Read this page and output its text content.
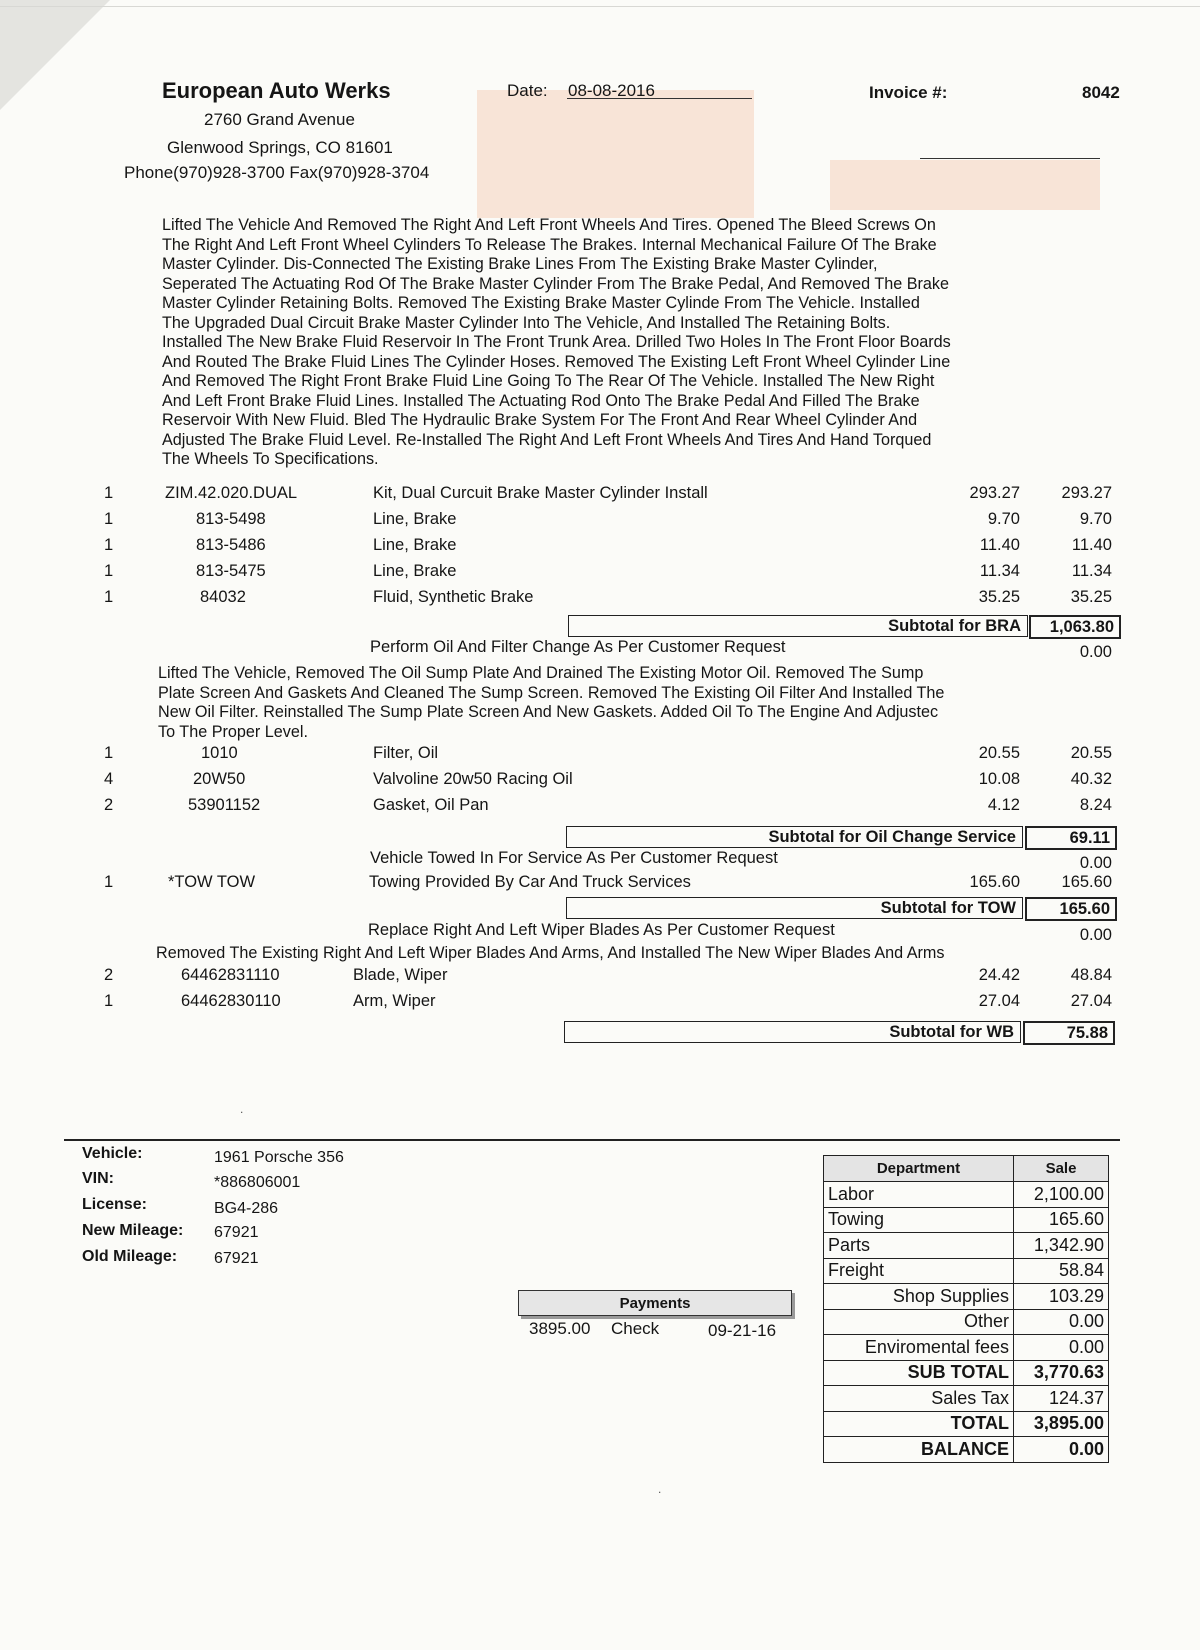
European Auto Werks
2760 Grand Avenue
Glenwood Springs, CO 81601
Phone(970)928-3700 Fax(970)928-3704
Date: 08-08-2016	Invoice #:	8042
Lifted The Vehicle And Removed The Right And Left Front Wheels And Tires. Opened The Bleed Screws On
The Right And Left Front Wheel Cylinders To Release The Brakes. Internal Mechanical Failure Of The Brake
Master Cylinder. Dis-Connected The Existing Brake Lines From The Existing Brake Master Cylinder,
Seperated The Actuating Rod Of The Brake Master Cylinder From The Brake Pedal, And Removed The Brake
Master Cylinder Retaining Bolts. Removed The Existing Brake Master Cylinde From The Vehicle. Installed
The Upgraded Dual Circuit Brake Master Cylinder Into The Vehicle, And Installed The Retaining Bolts.
Installed The New Brake Fluid Reservoir In The Front Trunk Area. Drilled Two Holes In The Front Floor Boards
And Routed The Brake Fluid Lines The Cylinder Hoses. Removed The Existing Left Front Wheel Cylinder Line
And Removed The Right Front Brake Fluid Line Going To The Rear Of The Vehicle. Installed The New Right
And Left Front Brake Fluid Lines. Installed The Actuating Rod Onto The Brake Pedal And Filled The Brake
Reservoir With New Fluid. Bled The Hydraulic Brake System For The Front And Rear Wheel Cylinder And
Adjusted The Brake Fluid Level. Re-Installed The Right And Left Front Wheels And Tires And Hand Torqued
The Wheels To Specifications.
1	ZIM.42.020.DUAL	Kit, Dual Curcuit Brake Master Cylinder Install	293.27	293.27
1	813-5498	Line, Brake	9.70	9.70
1	813-5486	Line, Brake	11.40	11.40
1	813-5475	Line, Brake	11.34	11.34
1	84032	Fluid, Synthetic Brake	35.25	35.25
Subtotal for BRA	1,063.80
Perform Oil And Filter Change As Per Customer Request	0.00
Lifted The Vehicle, Removed The Oil Sump Plate And Drained The Existing Motor Oil. Removed The Sump
Plate Screen And Gaskets And Cleaned The Sump Screen. Removed The Existing Oil Filter And Installed The
New Oil Filter. Reinstalled The Sump Plate Screen And New Gaskets. Added Oil To The Engine And Adjustec
To The Proper Level.
1	1010	Filter, Oil	20.55	20.55
4	20W50	Valvoline 20w50 Racing Oil	10.08	40.32
2	53901152	Gasket, Oil Pan	4.12	8.24
Subtotal for Oil Change Service	69.11
Vehicle Towed In For Service As Per Customer Request	0.00
1	*TOW TOW	Towing Provided By Car And Truck Services	165.60	165.60
Subtotal for TOW	165.60
Replace Right And Left Wiper Blades As Per Customer Request	0.00
Removed The Existing Right And Left Wiper Blades And Arms, And Installed The New Wiper Blades And Arms
2	64462831110	Blade, Wiper	24.42	48.84
1	64462830110	Arm, Wiper	27.04	27.04
Subtotal for WB	75.88
.
Vehicle:	1961 Porsche 356
VIN:	*886806001
License:	BG4-286
New Mileage: 67921
Old Mileage: 67921
Payments
3895.00 Check	09-21-16
.
Department	Sale
Labor	2,100.00
Towing	165.60
Parts	1,342.90
Freight	58.84
Shop Supplies	103.29
Other	0.00
Enviromental fees	0.00
SUB TOTAL	3,770.63
Sales Tax	124.37
TOTAL	3,895.00
BALANCE	0.00
